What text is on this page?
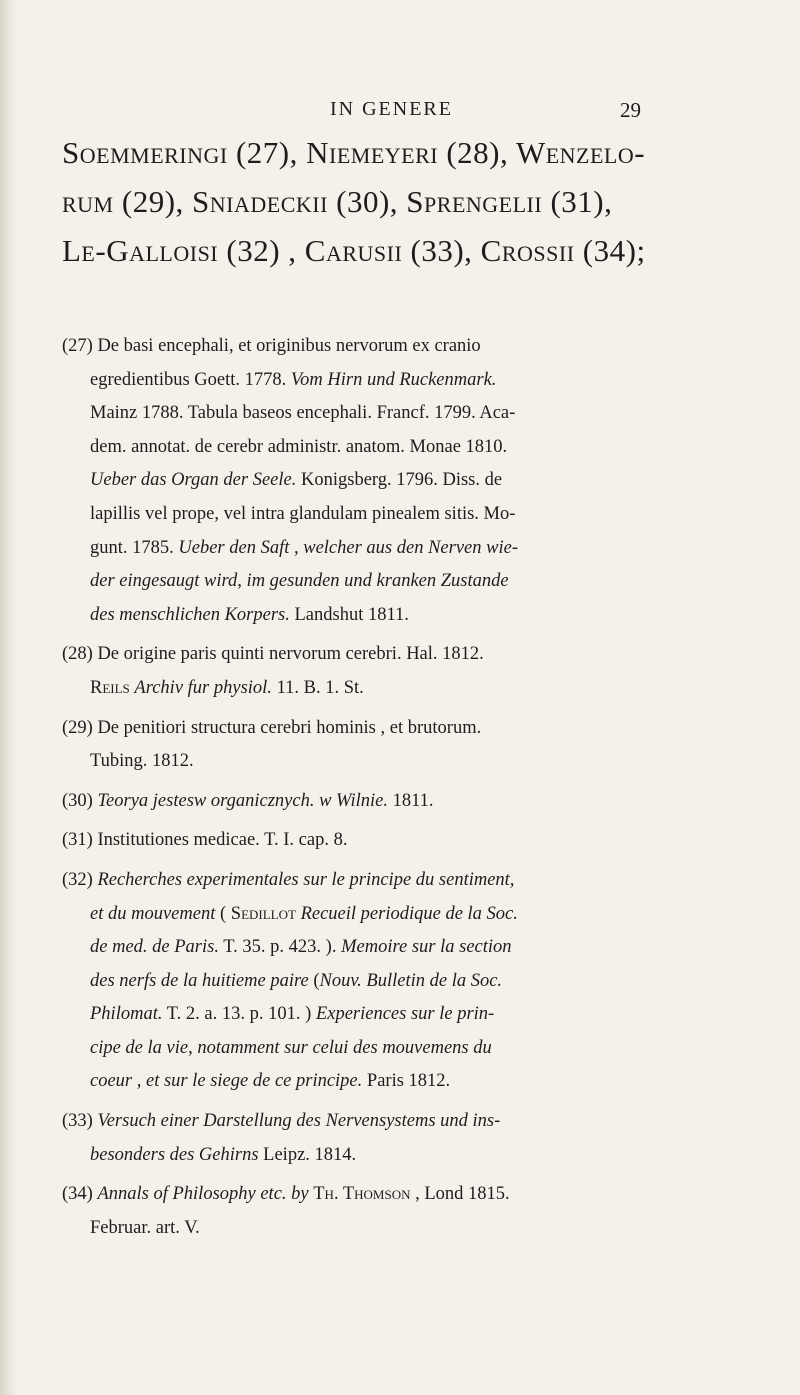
IN GENERE	29
Soemmeringi (27), Niemeyeri (28), Wenzelo-
rum (29), Sniadeckii (30), Sprengelii (31),
Le-Galloisi (32) , Carusii (33), Crossii (34);
(27) De basi encephali, et originibus nervorum ex cranio
egredientibus Goett. 1778. Vom Hirn und Ruckenmark.
Mainz 1788. Tabula baseos encephali. Francf. 1799. Aca-
dem. annotat. de cerebr administr. anatom. Monae 1810.
Ueber das Organ der Seele. Konigsberg. 1796. Diss. de
lapillis vel prope, vel intra glandulam pinealem sitis. Mo-
gunt. 1785. Ueber den Saft , welcher aus den Nerven wie-
der eingesaugt wird, im gesunden und kranken Zustande
des menschlichen Korpers. Landshut 1811.
(28) De origine paris quinti nervorum cerebri. Hal. 1812.
Reils Archiv fur physiol. 11. B. 1. St.
(29) De penitiori structura cerebri hominis , et brutorum.
Tubing. 1812.
(30) Teorya jestesw organicznych. w Wilnie. 1811.
(31) Institutiones medicae. T. I. cap. 8.
(32) Recherches experimentales sur le principe du sentiment,
et du mouvement ( Sedillot Recueil periodique de la Soc.
de med. de Paris. T. 35. p. 423. ). Memoire sur la section
des nerfs de la huitieme paire (Nouv. Bulletin de la Soc.
Philomat. T. 2. a. 13. p. 101. ) Experiences sur le prin-
cipe de la vie, notamment sur celui des mouvemens du
coeur , et sur le siege de ce principe. Paris 1812.
(33) Versuch einer Darstellung des Nervensystems und ins-
besonders des Gehirns Leipz. 1814.
(34) Annals of Philosophy etc. by Th. Thomson , Lond 1815.
Februar. art. V.
